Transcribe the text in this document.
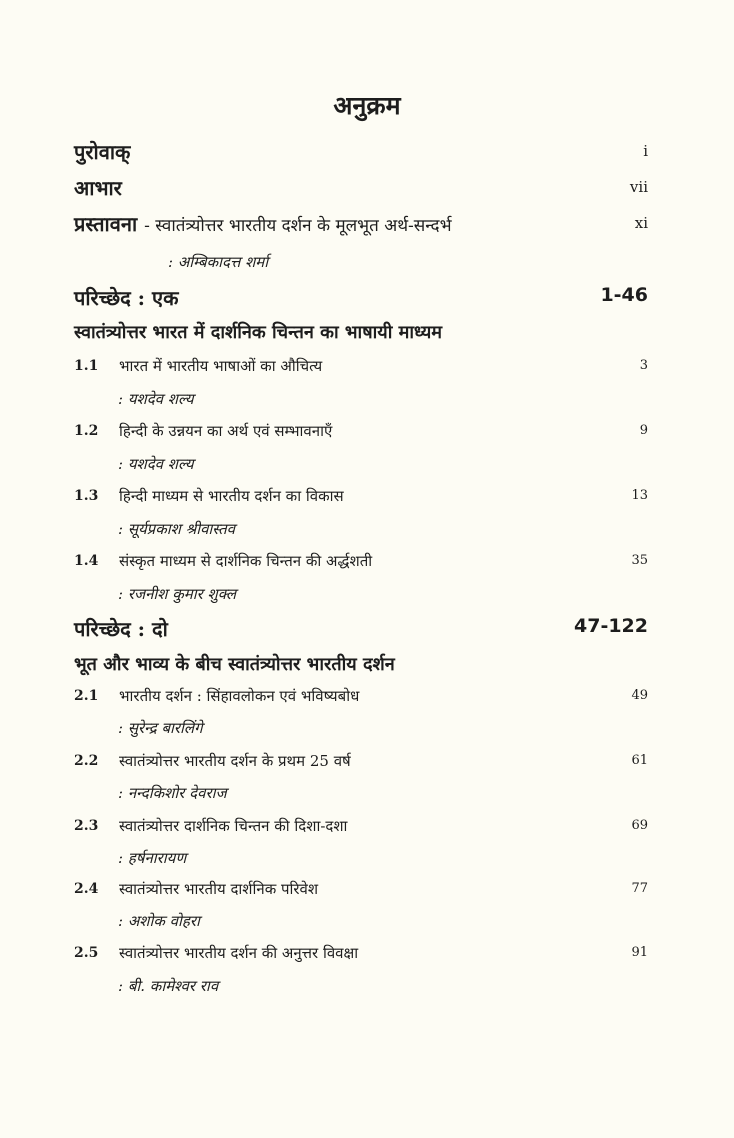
अनुक्रम
पुरोवाक्	i
आभार	vii
प्रस्तावना - स्वातंत्र्योत्तर भारतीय दर्शन के मूलभूत अर्थ-सन्दर्भ	xi
: अम्बिकादत्त शर्मा
परिच्छेद : एक	1-46
स्वातंत्र्योत्तर भारत में दार्शनिक चिन्तन का भाषायी माध्यम
1.1 भारत में भारतीय भाषाओं का औचित्य	3
: यशदेव शल्य
1.2 हिन्दी के उन्नयन का अर्थ एवं सम्भावनाएँ	9
: यशदेव शल्य
1.3 हिन्दी माध्यम से भारतीय दर्शन का विकास	13
: सूर्यप्रकाश श्रीवास्तव
1.4 संस्कृत माध्यम से दार्शनिक चिन्तन की अर्द्धशती	35
: रजनीश कुमार शुक्ल
परिच्छेद : दो	47-122
भूत और भाव्य के बीच स्वातंत्र्योत्तर भारतीय दर्शन
2.1 भारतीय दर्शन : सिंहावलोकन एवं भविष्यबोध	49
: सुरेन्द्र बारलिंगे
2.2 स्वातंत्र्योत्तर भारतीय दर्शन के प्रथम 25 वर्ष	61
: नन्दकिशोर देवराज
2.3 स्वातंत्र्योत्तर दार्शनिक चिन्तन की दिशा-दशा	69
: हर्षनारायण
2.4 स्वातंत्र्योत्तर भारतीय दार्शनिक परिवेश	77
: अशोक वोहरा
2.5 स्वातंत्र्योत्तर भारतीय दर्शन की अनुत्तर विवक्षा	91
: बी. कामेश्वर राव
